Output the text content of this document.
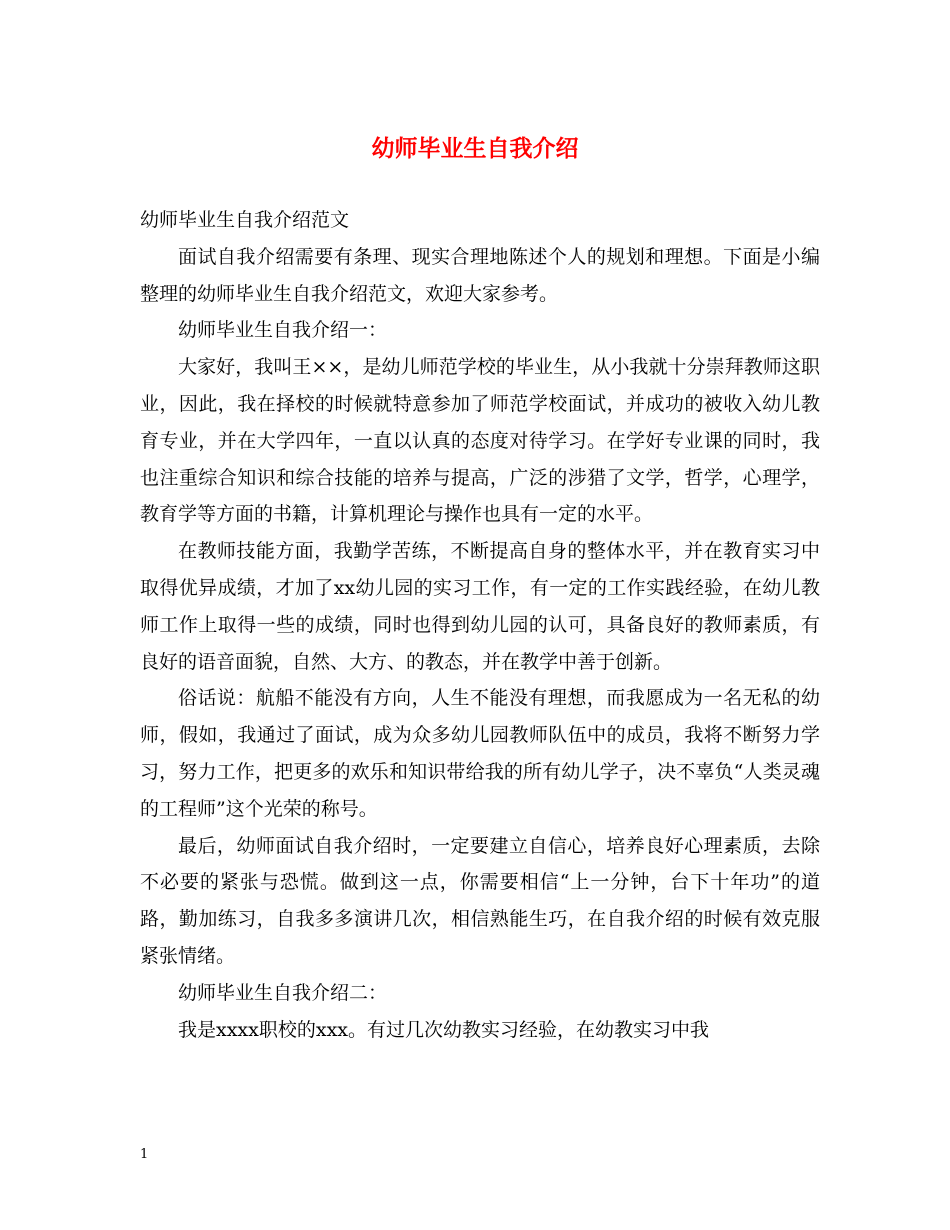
幼师毕业生自我介绍

幼师毕业生自我介绍范文

面试自我介绍需要有条理、现实合理地陈述个人的规划和理想。下面是小编整理的幼师毕业生自我介绍范文，欢迎大家参考。

幼师毕业生自我介绍一：

大家好，我叫王××，是幼儿师范学校的毕业生，从小我就十分崇拜教师这职业，因此，我在择校的时候就特意参加了师范学校面试，并成功的被收入幼儿教育专业，并在大学四年，一直以认真的态度对待学习。在学好专业课的同时，我也注重综合知识和综合技能的培养与提高，广泛的涉猎了文学，哲学，心理学，教育学等方面的书籍，计算机理论与操作也具有一定的水平。

在教师技能方面，我勤学苦练，不断提高自身的整体水平，并在教育实习中取得优异成绩，才加了xx幼儿园的实习工作，有一定的工作实践经验，在幼儿教师工作上取得一些的成绩，同时也得到幼儿园的认可，具备良好的教师素质，有良好的语音面貌，自然、大方、的教态，并在教学中善于创新。

俗话说：航船不能没有方向，人生不能没有理想，而我愿成为一名无私的幼师，假如，我通过了面试，成为众多幼儿园教师队伍中的成员，我将不断努力学习，努力工作，把更多的欢乐和知识带给我的所有幼儿学子，决不辜负“人类灵魂的工程师”这个光荣的称号。

最后，幼师面试自我介绍时，一定要建立自信心，培养良好心理素质，去除不必要的紧张与恐慌。做到这一点，你需要相信“上一分钟，台下十年功”的道路，勤加练习，自我多多演讲几次，相信熟能生巧，在自我介绍的时候有效克服紧张情绪。

幼师毕业生自我介绍二：

我是xxxx职校的xxx。有过几次幼教实习经验，在幼教实习中我

1
